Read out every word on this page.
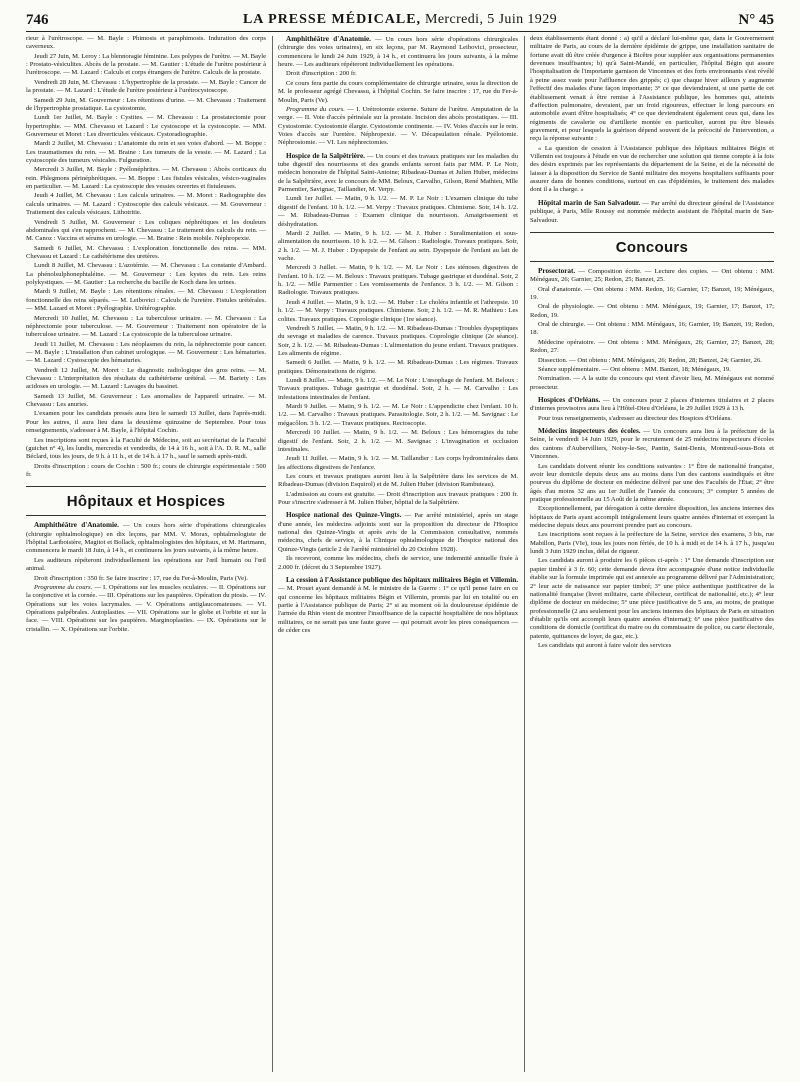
746	LA PRESSE MÉDICALE, Mercredi, 5 Juin 1929	N° 45

rieur à l'urétroscope. — M. Bayle : Phimosis et paraphimosis. Induration des corps caverneux.

Jeudi 27 Juin, M. Leroy : La blennoragie féminine. Les polypes de l'urètre. — M. Bayle : Prostato-vésiculites. Abcès de la prostate. — M. Gautier : L'étude de l'urètre postérieur à l'urétroscope. — M. Lazard : Calculs et corps étrangers de l'urètre. Calculs de la prostate.

Vendredi 28 Juin, M. Chevassu : L'hypertrophie de la prostate. — M. Bayle : Cancer de la prostate. — M. Lazard : L'étude de l'urètre postérieur à l'urétrocystoscope.

Samedi 29 Juin, M. Gouverneur : Les rétentions d'urine. — M. Chevassu : Traitement de l'hypertrophie prostatique. La cystostomie.

Lundi 1er Juillet, M. Bayle : Cystites. — M. Chevassu : La prostatectomie pour hypertrophie. — MM. Chevassu et Lazard : Le cystoscope et la cystoscopie. — MM. Gouverneur et Moret : Les diverticules vésicaux. Cystoradiographie.

Mardi 2 Juillet, M. Chevassu : L'anatomie du rein et ses voies d'abord. — M. Boppe : Les traumatismes du rein. — M. Braine : Les tumeurs de la vessie. — M. Lazard : La cystoscopie des tumeurs vésicales. Fulguration.

Mercredi 3 Juillet, M. Bayle : Pyélonéphrites. — M. Chevassu : Abcès corticaux du rein. Phlegmons périnéphrétiques. — M. Boppe : Les fistules vésicales, vésico-vaginales en particulier. — M. Lazard : La cystoscopie des vessies ouvertes et fistuleuses.

Jeudi 4 Juillet, M. Chevassu : Les calculs urinaires. — M. Moret : Radiographie des calculs urinaires. — M. Lazard : Cystoscopie des calculs vésicaux. — M. Gouverneur : Traitement des calculs vésicaux. Lithotritie.

Vendredi 5 Juillet, M. Gouverneur : Les coliques néphrétiques et les douleurs abdominales qui s'en rapprochent. — M. Chevassu : Le traitement des calculs du rein. — M. Canoz : Vaccins et sérums en urologie. — M. Braine : Rein mobile. Néphropexie.

Samedi 6 Juillet, M. Chevassu : L'exploration fonctionnelle des reins. — MM. Chevassu et Lazard : Le cathétérisme des uretères.

Lundi 8 Juillet, M. Chevassu : L'azotémie. — M. Chevassu : La constante d'Ambard. La phénolsulphonephtaléine. — M. Gouverneur : Les kystes du rein. Les reins polykystiques. — M. Gautier : La recherche du bacille de Koch dans les urines.

Mardi 9 Juillet, M. Bayle : Les rétentions rénales. — M. Chevassu : L'exploration fonctionnelle des reins séparés. — M. Leibovici : Calculs de l'uretère. Fistules urétérales. — MM. Lazard et Moret : Pyélographie. Urétérographie.

Mercredi 10 Juillet, M. Chevassu : La tuberculose urinaire. — M. Chevassu : La néphrectomie pour tuberculose. — M. Gouverneur : Traitement non opératoire de la tuberculose urinaire. — M. Lazard : La cystoscopie de la tuberculose urinaire.

Jeudi 11 Juillet, M. Chevassu : Les néoplasmes du rein, la néphrectomie pour cancer. — M. Bayle : L'installation d'un cabinet urologique. — M. Gouverneur : Les hématuries. — M. Lazard : Cystoscopie des hématuries.

Vendredi 12 Juillet, M. Moret : Le diagnostic radiologique des gros reins. — M. Chevassu : L'interprétation des résultats du cathétérisme urétéral. — M. Bariety : Les acidoses en urologie. — M. Lazard : Lavages du bassinet.

Samedi 13 Juillet, M. Gouverneur : Les anomalies de l'appareil urinaire. — M. Chevassu : Les anuries.

L'examen pour les candidats pressés aura lieu le samedi 13 Juillet, dans l'après-midi. Pour les autres, il aura lieu dans la deuxième quinzaine de Septembre. Pour tous renseignements, s'adresser à M. Bayle, à l'hôpital Cochin.

Les inscriptions sont reçues à la Faculté de Médecine, soit au secrétariat de la Faculté (guichet n° 4), les lundis, mercredis et vendredis, de 14 à 16 h., soit à l'A. D. R. M., salle Béclard, tous les jours, de 9 h. à 11 h., et de 14 h. à 17 h., sauf le samedi après-midi.

Droits d'inscription : cours de Cochin : 500 fr.; cours de chirurgie expérimentale : 500 fr.

Hôpitaux et Hospices

Amphithéâtre d'Anatomie. — Un cours hors série d'opérations chirurgicales (chirurgie ophtalmologique) en dix leçons, par MM. V. Morax, ophtalmologiste de l'hôpital Lariboisière, Magitot et Bollack, ophtalmologistes des hôpitaux, et M. Hartmann, commencera le mardi 18 Juin, à 14 h., et continuera les jours suivants, à la même heure.

Les auditeurs répéteront individuellement les opérations sur l'œil humain ou l'œil animal.

Droit d'inscription : 350 fr. Se faire inscrire : 17, rue du Fer-à-Moulin, Paris (Ve).

Programme du cours. — I. Opérations sur les muscles oculaires. — II. Opérations sur la conjonctive et la cornée. — III. Opérations sur les paupières. Opération du ptosis. — IV. Opérations sur les voies lacrymales. — V. Opérations antiglaucomateuses. — VI. Opérations palpébrales. Autoplasties. — VII. Opérations sur le globe et l'orbite et sur la face. — VIII. Opérations sur les paupières. Marginoplasties. — IX. Opérations sur le cristallin. — X. Opérations sur l'orbite.

Amphithéâtre d'Anatomie. — Un cours hors série d'opérations chirurgicales (chirurgie des voies urinaires), en six leçons, par M. Raymond Leibovici, prosecteur, commencera le lundi 24 Juin 1929, à 14 h., et continuera les jours suivants, à la même heure. — Les auditeurs répéteront individuellement les opérations.

Droit d'inscription : 200 fr.

Ce cours fera partie du cours complémentaire de chirurgie urinaire, sous la direction de M. le professeur agrégé Chevassu, à l'hôpital Cochin. Se faire inscrire : 17, rue du Fer-à-Moulin, Paris (Ve).

Programme du cours. — I. Urétrotomie externe. Suture de l'urètre. Amputation de la verge. — II. Voie d'accès périnéale sur la prostate. Incision des abcès prostatiques. — III. Cystostomie. Cystostomie élargie. Cystostomie continente. — IV. Voies d'accès sur le rein. Voies d'accès sur l'uretère. Néphropexie. — V. Décapsulation rénale. Pyélotomie. Néphrostomie. — VI. Les néphrectomies.

Hospice de la Salpêtrière. — Un cours et des travaux pratiques sur les maladies du tube digestif des nourrissons et des grands enfants seront faits par MM. P. Le Noir, médecin honoraire de l'hôpital Saint-Antoine; Ribadeau-Dumas et Julien Huber, médecins de la Salpêtrière, avec le concours de MM. Beloux, Carvalho, Gilson, René Mathieu, Mlle Parmentier, Savignac, Taillandier, M. Verpy.

Lundi 1er Juillet. — Matin, 9 h. 1/2. — M. P. Le Noir : L'examen clinique du tube digestif de l'enfant. 10 h. 1/2. — M. Verpy : Travaux pratiques. Chimisme. Soir, 14 h. 1/2. — M. Ribadeau-Dumas : Examen clinique du nourrisson. Amaigrissement et déshydratation.

Mardi 2 Juillet. — Matin, 9 h. 1/2. — M. J. Huber : Suralimentation et sous-alimentation du nourrisson. 10 h. 1/2. — M. Gilson : Radiologie. Travaux pratiques. Soir, 2 h. 1/2. — M. J. Huber : Dyspepsie de l'enfant au sein. Dyspepsie de l'enfant au lait de vache.

Mercredi 3 Juillet. — Matin, 9 h. 1/2. — M. Le Noir : Les sténoses digestives de l'enfant. 10 h. 1/2. — M. Beloux : Travaux pratiques. Tubage gastrique et duodénal. Soir, 2 h. 1/2. — Mlle Parmentier : Les vomissements de l'enfance. 3 h. 1/2. — M. Gilson : Radiologie. Travaux pratiques.

Jeudi 4 Juillet. — Matin, 9 h. 1/2. — M. Huber : Le choléra infantile et l'athrepsie. 10 h. 1/2. — M. Verpy : Travaux pratiques. Chimisme. Soir, 2 h. 1/2. — M. R. Mathieu : Les colites. Travaux pratiques. Coprologie clinique (1re séance).

Vendredi 5 Juillet. — Matin, 9 h. 1/2. — M. Ribadeau-Dumas : Troubles dyspeptiques du sevrage et maladies de carence. Travaux pratiques. Coprologie clinique (2e séance). Soir, 2 h. 1/2. — M. Ribadeau-Dumas : L'alimentation du jeune enfant. Travaux pratiques. Les aliments de régime.

Samedi 6 Juillet. — Matin, 9 h. 1/2. — M. Ribadeau-Dumas : Les régimes. Travaux pratiques. Démonstrations de régime.

Lundi 8 Juillet. — Matin, 9 h. 1/2. — M. Le Noir : L'œsophage de l'enfant. M. Beloux : Travaux pratiques. Tubage gastrique et duodénal. Soir, 2 h. — M. Carvalho : Les infestations intestinales de l'enfant.

Mardi 9 Juillet. — Matin, 9 h. 1/2. — M. Le Noir : L'appendicite chez l'enfant. 10 h. 1/2. — M. Carvalho : Travaux pratiques. Parasitologie. Soir, 2 h. 1/2. — M. Savignac : Le mégacôlon. 3 h. 1/2. — Travaux pratiques. Rectoscopie.

Mercredi 10 Juillet. — Matin, 9 h. 1/2. — M. Beloux : Les hémorragies du tube digestif de l'enfant. Soir, 2 h. 1/2. — M. Savignac : L'invagination et occlusion intestinales.

Jeudi 11 Juillet. — Matin, 9 h. 1/2. — M. Taillandier : Les corps hydrominérales dans les affections digestives de l'enfance.

Les cours et travaux pratiques auront lieu à la Salpêtrière dans les services de M. Ribadeau-Dumas (division Esquirol) et de M. Julien Huber (division Rambuteau).

L'admission au cours est gratuite. — Droit d'inscription aux travaux pratiques : 200 fr. Pour s'inscrire s'adresser à M. Julien Huber, hôpital de la Salpêtrière.

Hospice national des Quinze-Vingts. — Par arrêté ministériel, après un stage d'une année, les médecins adjoints sont sur la proposition du directeur de l'Hospice national des Quinze-Vingts et après avis de la Commission consultative, nommés médecins, chefs de service, à la Clinique ophtalmologique de l'hospice national des Quinze-Vingts (article 2 de l'arrêté ministériel du 20 Octobre 1928).

Ils recevront, comme les médecins, chefs de service, une indemnité annuelle fixée à 2.000 fr. (décret du 3 Septembre 1927).

La cession à l'Assistance publique des hôpitaux militaires Bégin et Villemin. — M. Prouet ayant demandé à M. le ministre de la Guerre : 1° ce qu'il pense faire en ce qui concerne les hôpitaux militaires Bégin et Villemin, promis par lui en totalité ou en partie à l'Assistance publique de Paris; 2° si au moment où la douloureuse épidémie de l'armée du Rhin vient de montrer l'insuffisance de la capacité hospitalière de nos hôpitaux militaires, ce ne serait pas une faute grave — qui pourrait avoir les pires conséquences — de céder ces

deux établissements étant donné : a) qu'il a déclaré lui-même que, dans le Gouvernement militaire de Paris, au cours de la dernière épidémie de grippe, une installation sanitaire de fortune avait dû être créée d'urgence à Bicêtre pour suppléer aux organisations permanentes devenues insuffisantes; b) qu'à Saint-Mandé, en particulier, l'hôpital Bégin qui assure l'hospitalisation de l'importante garnison de Vincennes et des forts environnants s'est révélé à peine assez vaste pour l'affluence des grippés; c) que chaque hiver ailleurs y augmente l'effectif des malades d'une façon importante; 3° ce que deviendraient, si une partie de cet établissement venait à être remise à l'Assistance publique, les hommes qui, atteints d'affection pulmonaire, devraient, par un froid rigoureux, effectuer le long parcours en automobile avant d'être hospitalisés; 4° ce que deviendraient également ceux qui, dans les régiments de cavalerie ou d'artillerie montée en particulier, auront pu être blessés gravement, et pour lesquels la guérison dépend souvent de la précocité de l'intervention, a reçu la réponse suivante :

« La question de cession à l'Assistance publique des hôpitaux militaires Bégin et Villemin est toujours à l'étude en vue de rechercher une solution qui tienne compte à la fois des désirs exprimés par les représentants du département de la Seine, et de la nécessité de laisser à la disposition du Service de Santé militaire des moyens hospitaliers suffisants pour assurer dans de bonnes conditions, surtout en cas d'épidémies, le traitement des malades dont il a la charge. »

Hôpital marin de San Salvadour. — Par arrêté du directeur général de l'Assistance publique, à Paris, Mlle Roussy est nommée médecin assistant de l'hôpital marin de San-Salvadour.

Concours

Prosectorat. — Composition écrite. — Lecture des copies. — Ont obtenu : MM. Ménégaux, 26; Garnier, 25; Redon, 25; Banzet, 25.

Oral d'anatomie. — Ont obtenu : MM. Redon, 16; Garnier, 17; Banzet, 19; Ménégaux, 19.

Oral de physiologie. — Ont obtenu : MM. Ménégaux, 19; Garnier, 17; Banzet, 17; Redon, 19.

Oral de chirurgie. — Ont obtenu : MM. Ménégaux, 16; Garnier, 19; Banzet, 19; Redon, 18.

Médecine opératoire. — Ont obtenu : MM. Ménégaux, 26; Garnier, 27; Banzet, 28; Redon, 27.

Dissection. — Ont obtenu : MM. Ménégaux, 26; Redon, 28; Banzet, 24; Garnier, 26.

Séance supplémentaire. — Ont obtenu : MM. Banzet, 18; Ménégaux, 19.

Nomination. — A la suite du concours qui vient d'avoir lieu, M. Ménégaux est nommé prosecteur.

Hospices d'Orléans. — Un concours pour 2 places d'internes titulaires et 2 places d'internes provisoires aura lieu à l'Hôtel-Dieu d'Orléans, le 29 Juillet 1929 à 13 h.

Pour tous renseignements, s'adresser au directeur des Hospices d'Orléans.

Médecins inspecteurs des écoles. — Un concours aura lieu à la préfecture de la Seine, le vendredi 14 Juin 1929, pour le recrutement de 25 médecins inspecteurs d'écoles des cantons d'Aubervilliers, Noisy-le-Sec, Pantin, Saint-Denis, Montreuil-sous-Bois et Vincennes.

Les candidats doivent réunir les conditions suivantes : 1° Être de nationalité française, avoir leur domicile depuis deux ans au moins dans l'un des cantons susindiqués et être pourvus du diplôme de docteur en médecine délivré par une des Facultés de l'État; 2° être âgés d'au moins 32 ans au 1er Juillet de l'année du concours; 3° compter 5 années de pratique professionnelle au 15 Août de la même année.

Exceptionnellement, par dérogation à cette dernière disposition, les anciens internes des hôpitaux de Paris ayant accompli intégralement leurs quatre années d'internat et exerçant la médecine depuis deux ans pourront prendre part au concours.

Les inscriptions sont reçues à la préfecture de la Seine, service des examens, 3 bis, rue Mabillon, Paris (VIe), tous les jours non fériés, de 10 h. à midi et de 14 h. à 17 h., jusqu'au lundi 3 Juin 1929 inclus, délai de rigueur.

Les candidats auront à produire les 6 pièces ci-après : 1° Une demande d'inscription sur papier timbré à 3 fr. 60; cette demande devra être accompagnée d'une notice individuelle établie sur la formule imprimée qui est annexée au programme délivré par l'Administration; 2° leur acte de naissance sur papier timbré; 3° une pièce authentique justificative de la nationalité française (livret militaire, carte d'électeur, certificat de nationalité, etc.); 4° leur diplôme de docteur en médecine; 5° une pièce justificative de 5 ans, au moins, de pratique professionnelle (2 ans seulement pour les anciens internes des hôpitaux de Paris en situation d'établir qu'ils ont accompli leurs quatre années d'internat); 6° une pièce justificative des conditions de domicile (certificat du maire ou du commissaire de police, ou carte électorale, patente, quittances de loyer, de gaz, etc.).

Les candidats qui auront à faire valoir des services
